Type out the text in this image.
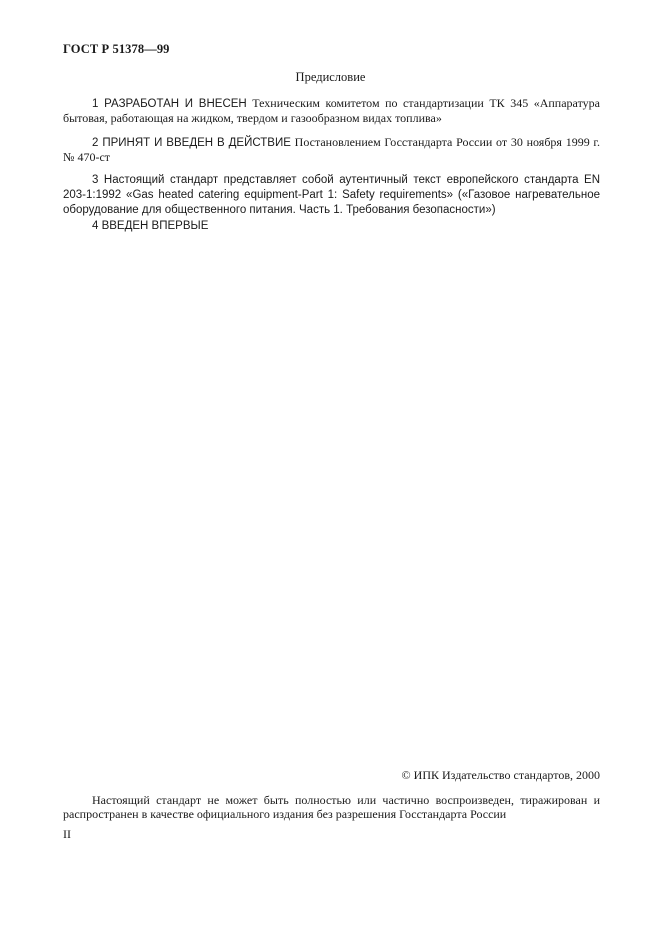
ГОСТ Р 51378—99
Предисловие
1 РАЗРАБОТАН И ВНЕСЕН Техническим комитетом по стандартизации ТК 345 «Аппаратура бытовая, работающая на жидком, твердом и газообразном видах топлива»
2 ПРИНЯТ И ВВЕДЕН В ДЕЙСТВИЕ Постановлением Госстандарта России от 30 ноября 1999 г. № 470-ст
3 Настоящий стандарт представляет собой аутентичный текст европейского стандарта EN 203-1:1992 «Gas heated catering equipment-Part 1: Safety requirements» («Газовое нагревательное оборудование для общественного питания. Часть 1. Требования безопасности»)
4 ВВЕДЕН ВПЕРВЫЕ
© ИПК Издательство стандартов, 2000
Настоящий стандарт не может быть полностью или частично воспроизведен, тиражирован и распространен в качестве официального издания без разрешения Госстандарта России
II
